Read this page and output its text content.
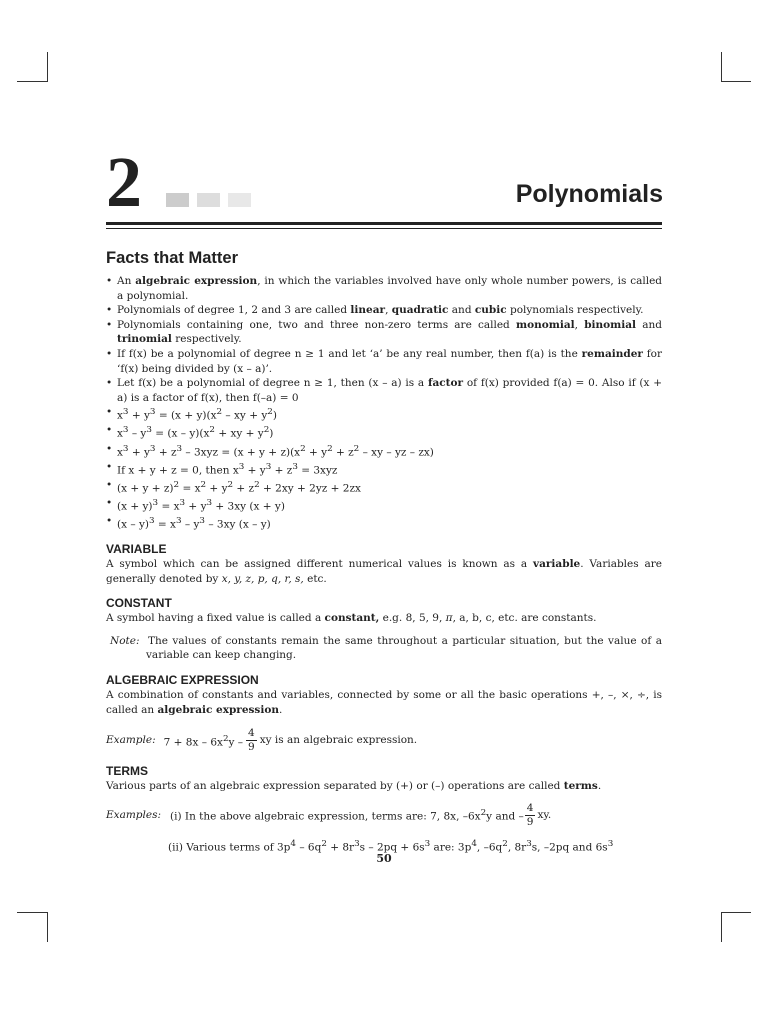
2	Polynomials
Facts that Matter
• An algebraic expression, in which the variables involved have only whole number powers, is called a polynomial.
• Polynomials of degree 1, 2 and 3 are called linear, quadratic and cubic polynomials respectively.
• Polynomials containing one, two and three non-zero terms are called monomial, binomial and trinomial respectively.
• If f(x) be a polynomial of degree n ≥ 1 and let ‘a’ be any real number, then f(a) is the remainder for ‘f(x) being divided by (x – a)’.
• Let f(x) be a polynomial of degree n ≥ 1, then (x – a) is a factor of f(x) provided f(a) = 0. Also if (x + a) is a factor of f(x), then f(–a) = 0
• $x^3 + y^3 = (x + y)(x^2$ – xy + $y^2$)
• $x^3 - y^3 = (x - y)(x^2$ + xy + $y^2$)
• $x^3 + y^3 + z^3 - 3xyz = (x + y + z)(x^2 + y^2 + z^2$ – xy – yz – zx)
• If x + y + z = 0, then $x^3 + y^3 + z^3 = 3xyz$
• $(x + y + z)^2 = x^2 + y^2 + z^2 + 2xy + 2yz + 2zx$
• $(x + y)^3 = x^3 + y^3 + 3xy$ (x + y)
• $(x - y)^3 = x^3 - y^3 - 3xy$ (x – y)
VARIABLE
A symbol which can be assigned different numerical values is known as a variable. Variables are generally denoted by x, y, z, p, q, r, s, etc.
CONSTANT
A symbol having a fixed value is called a constant, e.g. 8, 5, 9, π, a, b, c, etc. are constants.
Note: The values of constants remain the same throughout a particular situation, but the value of a variable can keep changing.
ALGEBRAIC EXPRESSION
A combination of constants and variables, connected by some or all the basic operations +, –, ×, ÷, is called an algebraic expression.
Example: $7 + 8x - 6x^2y - \frac{4}{9}$ xy is an algebraic expression.
TERMS
Various parts of an algebraic expression separated by (+) or (–) operations are called terms.
Examples: (i) In the above algebraic expression, terms are: 7, 8x, $-6x^2y$ and – $\frac{4}{9}$ xy.
(ii) Various terms of $3p^4 - 6q^2 + 8r^3s - 2pq + 6s^3$ are: $3p^4$, $-6q^2$, $8r^3s$, –2pq and $6s^3$
50
